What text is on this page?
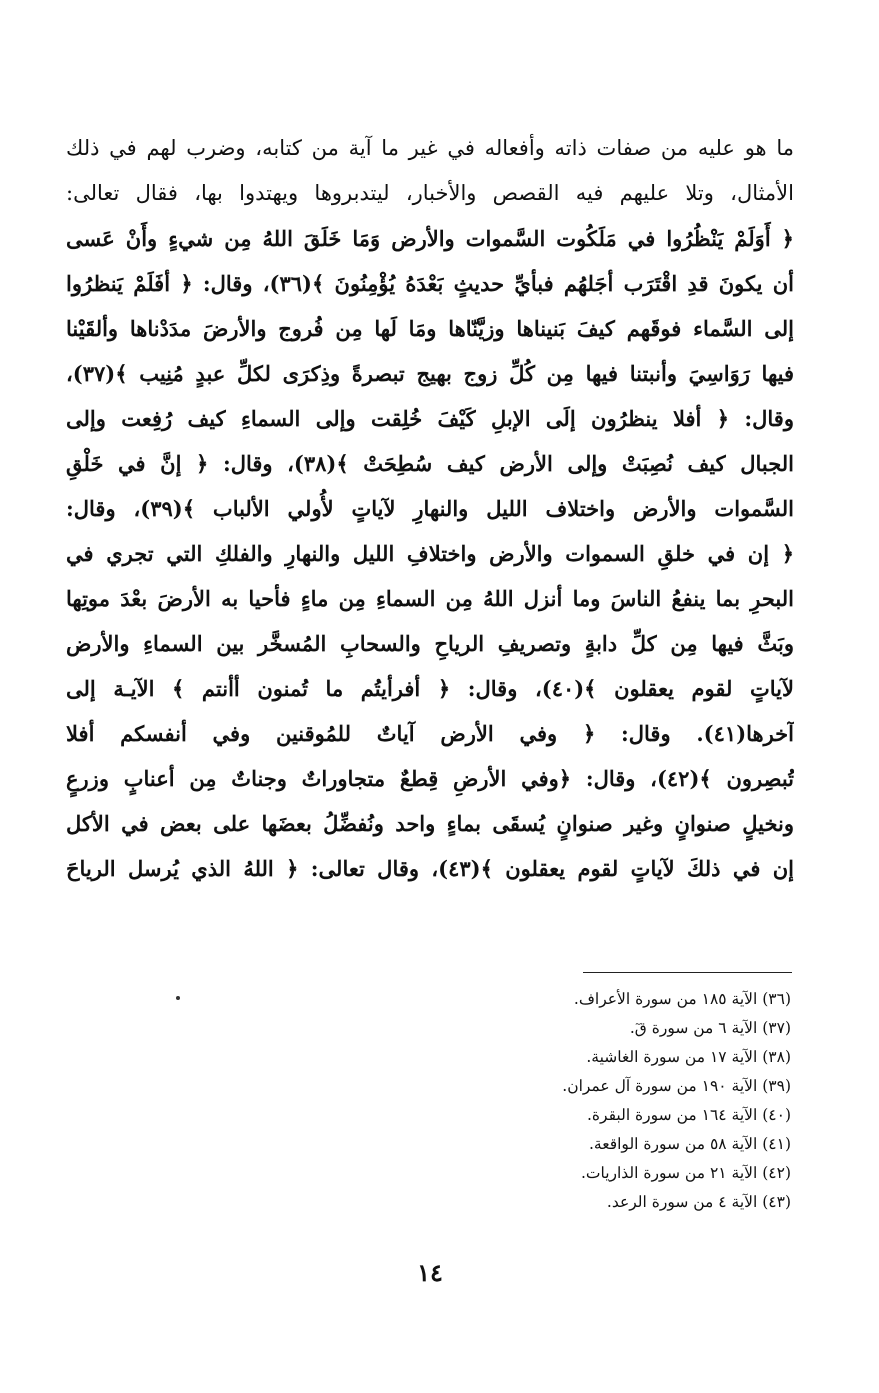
ما هو عليه من صفات ذاته وأفعاله في غير ما آية من كتابه، وضرب لهم في ذلك
الأمثال، وتلا عليهم فيه القصص والأخبار، ليتدبروها ويهتدوا بها، فقال تعالى:
﴿ أَوَلَمْ يَنْظُرُوا في مَلَكُوت السَّموات والأرض وَمَا خَلَقَ اللهُ مِن شيءٍ وأَنْ عَسى
أن يكونَ قدِ اقْتَرَب أجَلهُم فبأيِّ حديثٍ بَعْدَهُ يُؤْمِنُونَ ﴾(٣٦)، وقال: ﴿ أفَلَمْ يَنظرُوا
إلى السَّماء فوقَهم كيفَ بَنيناها وزيَّنّاها ومَا لَها مِن فُروج والأرضَ مدَدْناها وألقَيْنا
فيها رَوَاسِيَ وأنبتنا فيها مِن كُلِّ زوج بهيج تبصرةً وذِكرَى لكلِّ عبدٍ مُنِيب ﴾(٣٧)،
وقال: ﴿ أفلا ينظرُون إلَى الإبلِ كَيْفَ خُلِقت وإلى السماءِ كيف رُفِعت وإلى
الجبال كيف نُصِبَتْ وإلى الأرض كيف سُطِحَتْ ﴾(٣٨)، وقال: ﴿ إنَّ في خَلْقِ
السَّموات والأرض واختلاف الليل والنهارِ لآياتٍ لأُولي الألباب ﴾(٣٩)، وقال:
﴿ إن في خلقِ السموات والأرض واختلافِ الليل والنهارِ والفلكِ التي تجري في
البحرِ بما ينفعُ الناسَ وما أنزل اللهُ مِن السماءِ مِن ماءٍ فأحيا به الأرضَ بعْدَ موتِها
وبَثَّ فيها مِن كلِّ دابةٍ وتصريفِ الرياحِ والسحابِ المُسخَّر بين السماءِ والأرض
لآياتٍ لقوم يعقلون ﴾(٤٠)، وقال: ﴿ أفرأيتُم ما تُمنون أأنتم ﴾ الآيـة إلى
آخرها(٤١). وقال: ﴿ وفي الأرض آياتٌ للمُوقنين وفي أنفسكم أفلا
تُبصِرون ﴾(٤٢)، وقال: ﴿وفي الأرضِ قِطعٌ متجاوراتٌ وجناتٌ مِن أعنابٍ وزرعٍ
ونخيلٍ صنوانٍ وغير صنوانٍ يُسقَى بماءٍ واحد ونُفضِّلُ بعضَها على بعض في الأكل
إن في ذلكَ لآياتٍ لقوم يعقلون ﴾(٤٣)، وقال تعالى: ﴿ اللهُ الذي يُرسل الرياحَ
(٣٦) الآية ١٨٥ من سورة الأعراف.
(٣٧) الآية ٦ من سورة قٓ.
(٣٨) الآية ١٧ من سورة الغاشية.
(٣٩) الآية ١٩٠ من سورة آل عمران.
(٤٠) الآية ١٦٤ من سورة البقرة.
(٤١) الآية ٥٨ من سورة الواقعة.
(٤٢) الآية ٢١ من سورة الذاريات.
(٤٣) الآية ٤ من سورة الرعد.
١٤
